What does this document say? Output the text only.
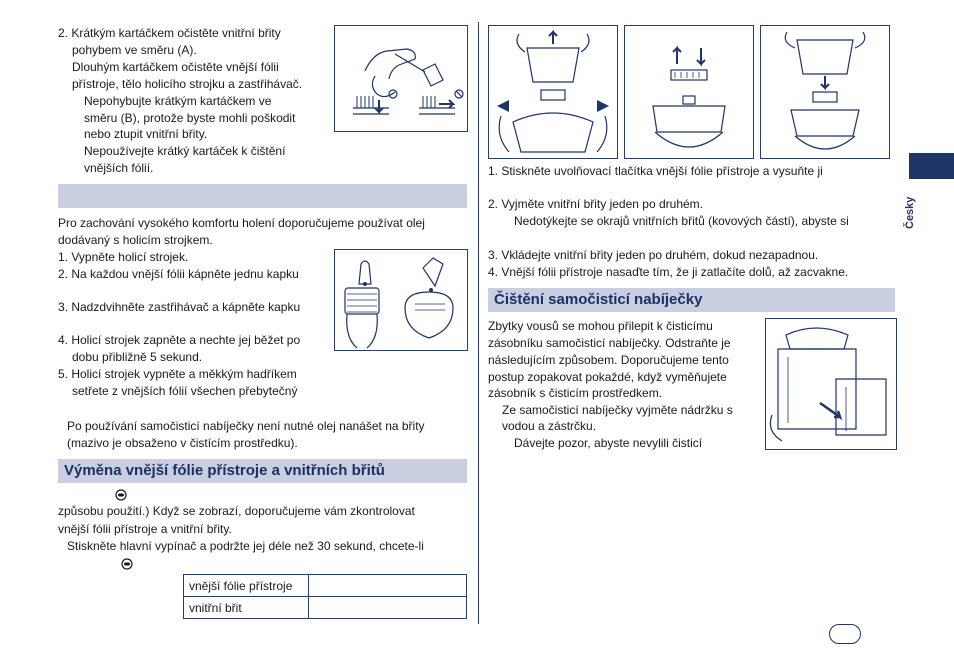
Česky
2. Krátkým kartáčkem očistěte vnitřní břity
pohybem ve směru (A).
Dlouhým kartáčkem očistěte vnější fólii
přístroje, tělo holicího strojku a zastřihávač.
Nepohybujte krátkým kartáčkem ve
směru (B), protože byste mohli poškodit
nebo ztupit vnitřní břity.
Nepoužívejte krátký kartáček k čištění
vnějších fólií.
Pro zachování vysokého komfortu holení doporučujeme používat olej
dodávaný s holicím strojkem.
1. Vypněte holicí strojek.
2. Na každou vnější fólii kápněte jednu kapku
3. Nadzdvihněte zastřihávač a kápněte kapku
4. Holicí strojek zapněte a nechte jej běžet po
dobu přibližně 5 sekund.
5. Holicí strojek vypněte a měkkým hadříkem
setřete z vnějších fólií všechen přebytečný
Po používání samočisticí nabíječky není nutné olej nanášet na břity
(mazivo je obsaženo v čistícím prostředku).
Výměna vnější fólie přístroje a vnitřních břitů
způsobu použití.) Když se zobrazí, doporučujeme vám zkontrolovat
vnější fólii přístroje a vnitřní břity.
Stiskněte hlavní vypínač a podržte jej déle než 30 sekund, chcete-li
vnější fólie přístroje	
vnitřní břit	
1. Stiskněte uvolňovací tlačítka vnější fólie přístroje a vysuňte ji
2. Vyjměte vnitřní břity jeden po druhém.
Nedotýkejte se okrajů vnitřních břitů (kovových částí), abyste si
3. Vkládejte vnitřní břity jeden po druhém, dokud nezapadnou.
4. Vnější fólii přístroje nasaďte tím, že ji zatlačíte dolů, až zacvakne.
Čištění samočisticí nabíječky
Zbytky vousů se mohou přilepit k čisticímu
zásobníku samočisticí nabíječky. Odstraňte je
následujícím způsobem. Doporučujeme tento
postup zopakovat pokaždé, když vyměňujete
zásobník s čisticím prostředkem.
Ze samočisticí nabíječky vyjměte nádržku s
vodou a zástrčku.
Dávejte pozor, abyste nevylili čisticí
